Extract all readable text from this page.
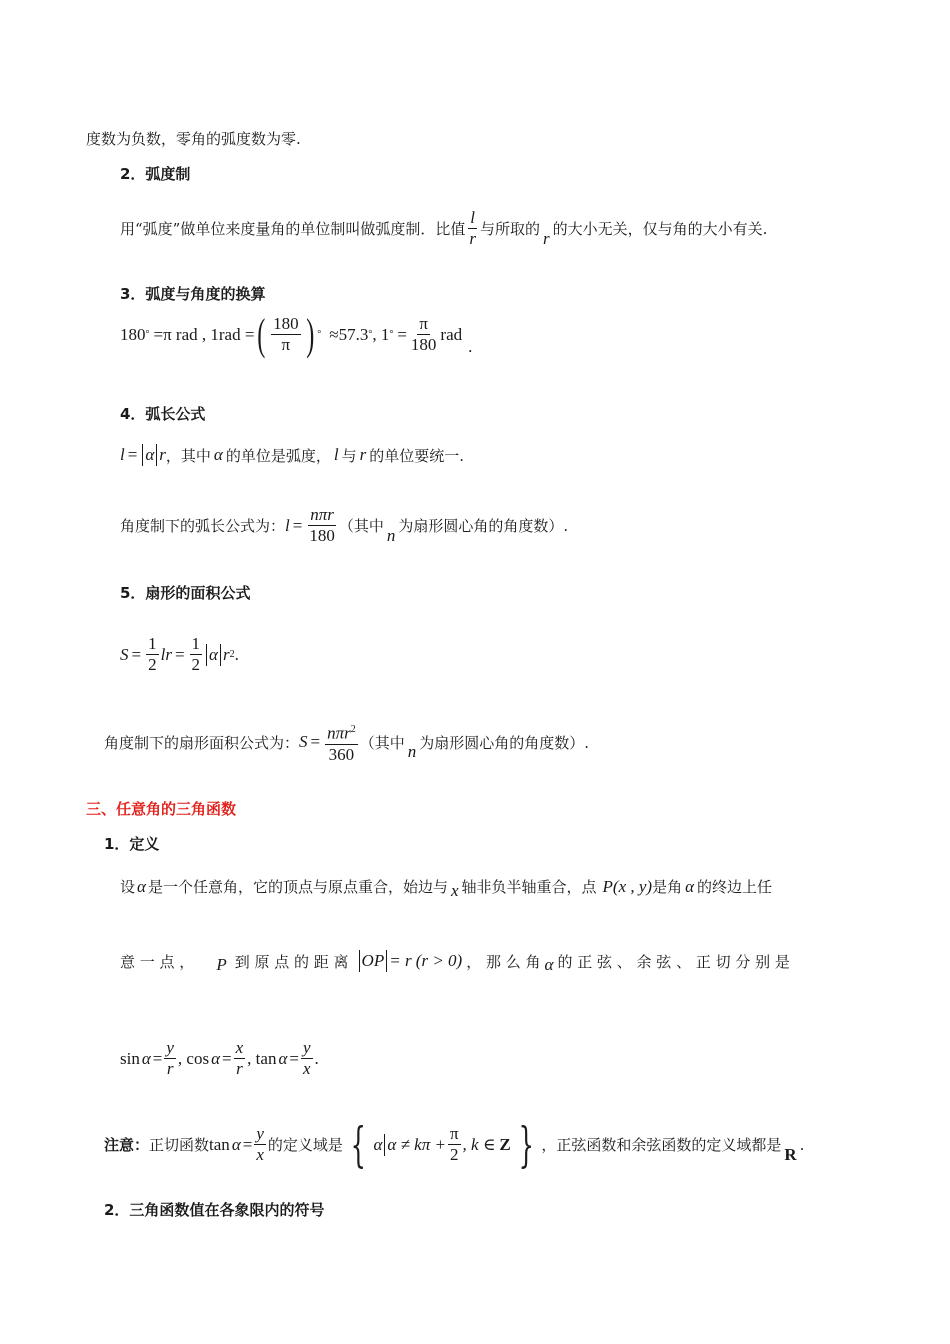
度数为负数，零角的弧度数为零.
2．弧度制
用“弧度”做单位来度量角的单位制叫做弧度制．比值 $\frac{l}{r}$ 与所取的 r 的大小无关，仅与角的大小有关.
3．弧度与角度的换算
180 ° =π rad , 1rad = ( $\frac{180}{\pi}$ ) ° ≈57.3 ° , 1 ° = $\frac{\pi}{180}$ rad
.
4．弧长公式
l = α r ，其中 α 的单位是弧度， l 与 r 的单位要统一.
角度制下的弧长公式为： $l = \frac{\text{nπr}}{180}$ （其中 n 为扇形圆心角的角度数）.
5．扇形的面积公式
$S = \frac{1}{2}$ lr = $\frac{1}{2}$ α r 2 .
角度制下的扇形面积公式为： $S = \frac{n\pi r^2}{360}$ （其中 n 为扇形圆心角的角度数）.
三、任意角的三角函数
1．定义
设 α 是一个任意角，它的顶点与原点重合，始边与 x 轴非负半轴重合，点 P (x , y) 是角 α 的终边上任
意 一 点 ， P 到 原 点 的 距 离 OP = r (r > 0) ， 那 么 角 α 的 正 弦 、 余 弦 、 正 切 分 别 是
$\sin \alpha = \frac{y}{r}$ , $\cos \alpha = \frac{x}{r}$ , $\tan \alpha = \frac{y}{x}$ .
注意： 正切函数 $\tan \alpha = \frac{y}{x}$ 的定义域是 { α $\alpha \ne k\pi + \frac{\pi}{2}$ , k ∈ Z } ，正弦函数和余弦函数的定义域都是 R .
2．三角函数值在各象限内的符号
